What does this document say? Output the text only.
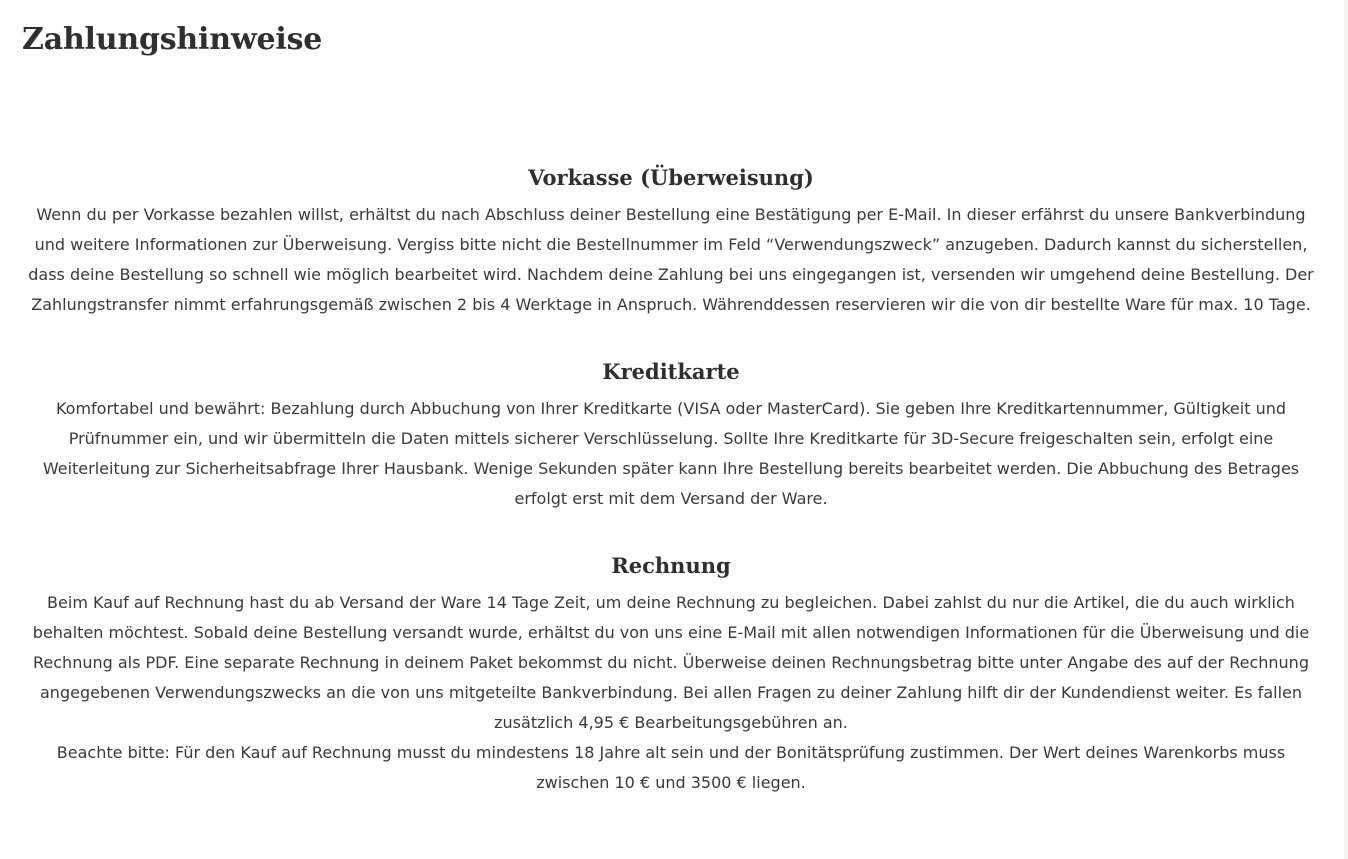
Zahlungshinweise
Vorkasse (Überweisung)

Wenn du per Vorkasse bezahlen willst, erhältst du nach Abschluss deiner Bestellung eine Bestätigung per E-Mail. In dieser erfährst du unsere Bankverbindung und weitere Informationen zur Überweisung. Vergiss bitte nicht die Bestellnummer im Feld “Verwendungszweck” anzugeben. Dadurch kannst du sicherstellen, dass deine Bestellung so schnell wie möglich bearbeitet wird. Nachdem deine Zahlung bei uns eingegangen ist, versenden wir umgehend deine Bestellung. Der Zahlungstransfer nimmt erfahrungsgemäß zwischen 2 bis 4 Werktage in Anspruch. Währenddessen reservieren wir die von dir bestellte Ware für max. 10 Tage.

Kreditkarte

Komfortabel und bewährt: Bezahlung durch Abbuchung von Ihrer Kreditkarte (VISA oder MasterCard). Sie geben Ihre Kreditkartennummer, Gültigkeit und Prüfnummer ein, und wir übermitteln die Daten mittels sicherer Verschlüsselung. Sollte Ihre Kreditkarte für 3D-Secure freigeschalten sein, erfolgt eine Weiterleitung zur Sicherheitsabfrage Ihrer Hausbank. Wenige Sekunden später kann Ihre Bestellung bereits bearbeitet werden. Die Abbuchung des Betrages erfolgt erst mit dem Versand der Ware.

Rechnung

Beim Kauf auf Rechnung hast du ab Versand der Ware 14 Tage Zeit, um deine Rechnung zu begleichen. Dabei zahlst du nur die Artikel, die du auch wirklich behalten möchtest. Sobald deine Bestellung versandt wurde, erhältst du von uns eine E-Mail mit allen notwendigen Informationen für die Überweisung und die Rechnung als PDF. Eine separate Rechnung in deinem Paket bekommst du nicht. Überweise deinen Rechnungsbetrag bitte unter Angabe des auf der Rechnung angegebenen Verwendungszwecks an die von uns mitgeteilte Bankverbindung. Bei allen Fragen zu deiner Zahlung hilft dir der Kundendienst weiter. Es fallen zusätzlich 4,95 € Bearbeitungsgebühren an.

Beachte bitte: Für den Kauf auf Rechnung musst du mindestens 18 Jahre alt sein und der Bonitätsprüfung zustimmen. Der Wert deines Warenkorbs muss zwischen 10 € und 3500 € liegen.
